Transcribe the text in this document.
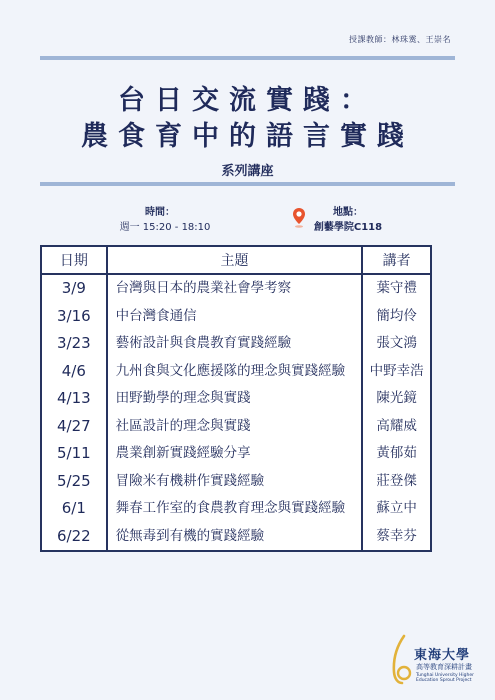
授課教師：林珠霙、王崇名
台日交流實踐：
農食育中的語言實踐
系列講座
時間：
週一 15:20 - 18:10
地點：
創藝學院C118
日期	主題	講者
3/9	台灣與日本的農業社會學考察	葉守禮
3/16	中台灣食通信	簡均伶
3/23	藝術設計與食農教育實踐經驗	張文鴻
4/6	九州食與文化應援隊的理念與實踐經驗	中野幸浩
4/13	田野勤學的理念與實踐	陳光鏡
4/27	社區設計的理念與實踐	高耀威
5/11	農業創新實踐經驗分享	黃郁茹
5/25	冒險米有機耕作實踐經驗	莊登傑
6/1	舞春工作室的食農教育理念與實踐經驗	蘇立中
6/22	從無毒到有機的實踐經驗	蔡幸芬
東海大學
高等教育深耕計畫
Tunghai University Higher Education Sprout Project
